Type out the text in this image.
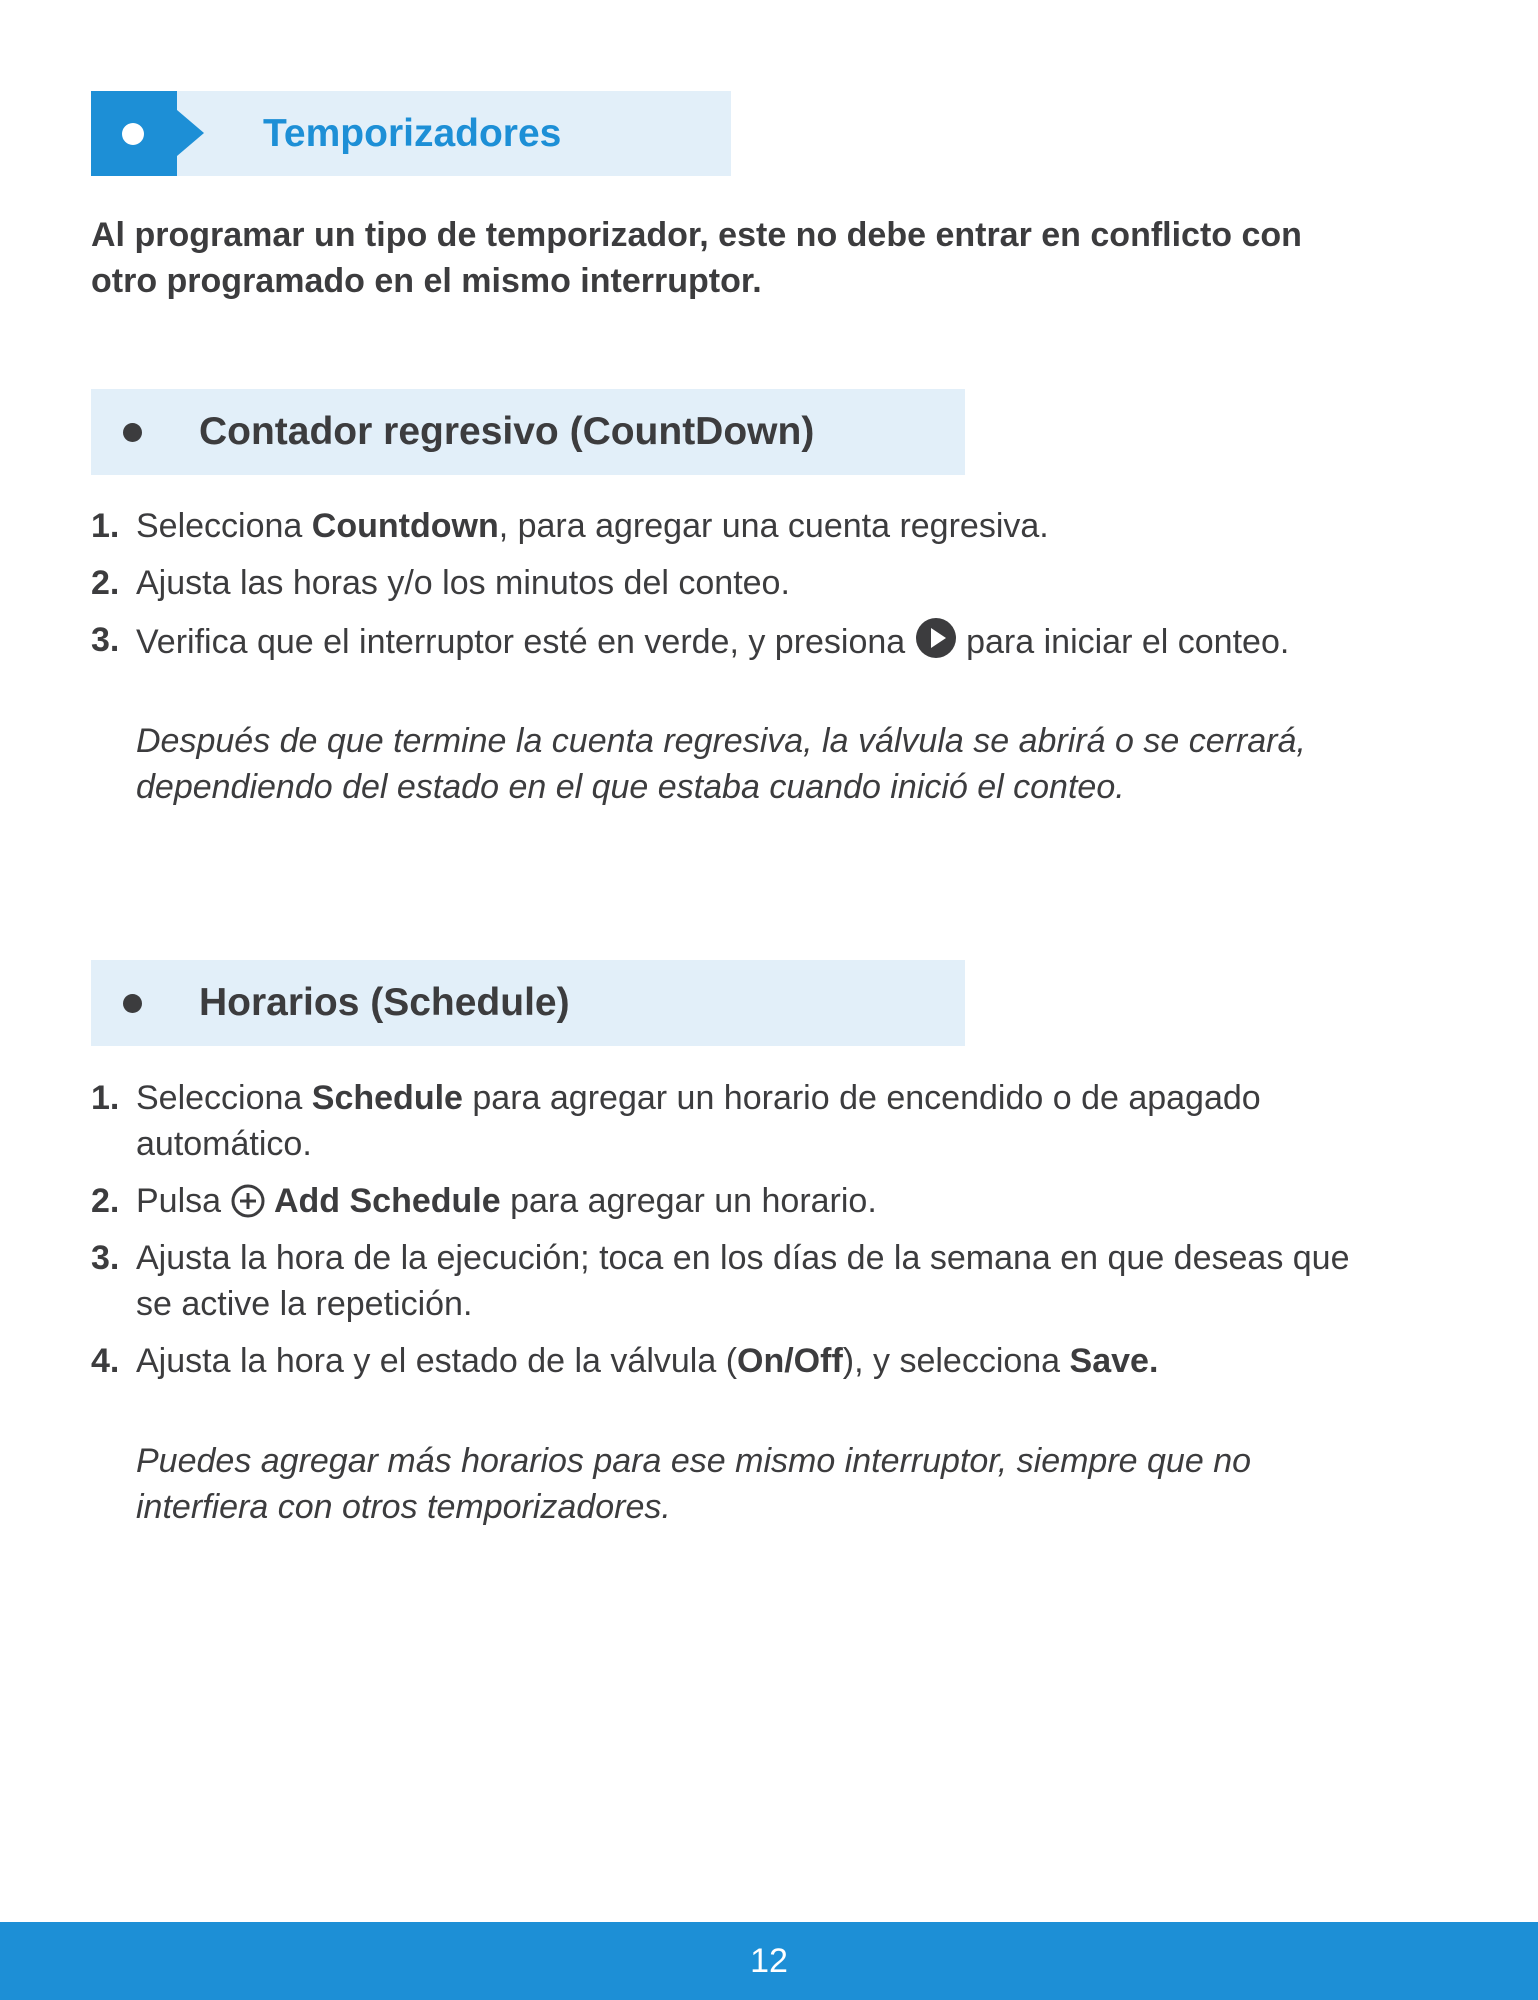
Temporizadores

Al programar un tipo de temporizador, este no debe entrar en conflicto con
otro programado en el mismo interruptor.

Contador regresivo (CountDown)
1. Selecciona Countdown, para agregar una cuenta regresiva.
2. Ajusta las horas y/o los minutos del conteo.
3. Verifica que el interruptor esté en verde, y presiona  para iniciar el conteo.

Después de que termine la cuenta regresiva, la válvula se abrirá o se cerrará,
dependiendo del estado en el que estaba cuando inició el conteo.

Horarios (Schedule)
1. Selecciona Schedule para agregar un horario de encendido o de apagado
automático.
2. Pulsa  Add Schedule para agregar un horario.
3. Ajusta la hora de la ejecución; toca en los días de la semana en que deseas que
se active la repetición.
4. Ajusta la hora y el estado de la válvula (On/Off), y selecciona Save.

Puedes agregar más horarios para ese mismo interruptor, siempre que no
interfiera con otros temporizadores.

12
